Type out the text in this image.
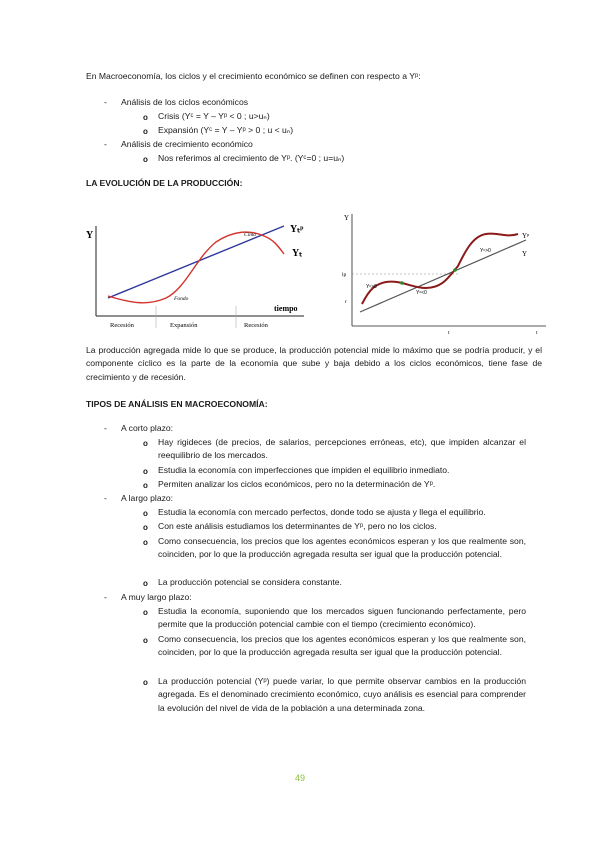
En Macroeconomía, los ciclos y el crecimiento económico se definen con respecto a Yᵖ:

- Análisis de los ciclos económicos
o Crisis (Yᶜ = Y – Yᵖ < 0 ; u>uₙ)
o Expansión (Yᶜ = Y – Yᵖ > 0 ; u < uₙ)
- Análisis de crecimiento económico
o Nos referimos al crecimiento de Yᵖ. (Yᶜ=0 ; u=uₙ)

LA EVOLUCIÓN DE LA PRODUCCIÓN:

Y
Yₜᵖ
Yₜ
Cima
Fondo
tiempo
Recesión	Expansión	Recesión
Y
lp
r
Yᵖ
Y
Yᶜ>0
Yᶜ<0
Yᶜ>0
t	t

La producción agregada mide lo que se produce, la producción potencial mide lo máximo que se podría producir, y el componente cíclico es la parte de la economía que sube y baja debido a los ciclos económicos, tiene fase de crecimiento y de recesión.

TIPOS DE ANÁLISIS EN MACROECONOMÍA:

- A corto plazo:
o Hay rigideces (de precios, de salarios, percepciones erróneas, etc), que impiden alcanzar el reequilibrio de los mercados.
o Estudia la economía con imperfecciones que impiden el equilibrio inmediato.
o Permiten analizar los ciclos económicos, pero no la determinación de Yᵖ.
- A largo plazo:
o Estudia la economía con mercado perfectos, donde todo se ajusta y llega el equilibrio.
o Con este análisis estudiamos los determinantes de Yᵖ, pero no los ciclos.
o Como consecuencia, los precios que los agentes económicos esperan y los que realmente son, coinciden, por lo que la producción agregada resulta ser igual que la producción potencial.
o La producción potencial se considera constante.
- A muy largo plazo:
o Estudia la economía, suponiendo que los mercados siguen funcionando perfectamente, pero permite que la producción potencial cambie con el tiempo (crecimiento económico).
o Como consecuencia, los precios que los agentes económicos esperan y los que realmente son, coinciden, por lo que la producción agregada resulta ser igual que la producción potencial.
o La producción potencial (Yᵖ) puede variar, lo que permite observar cambios en la producción agregada. Es el denominado crecimiento económico, cuyo análisis es esencial para comprender la evolución del nivel de vida de la población a una determinada zona.

49
